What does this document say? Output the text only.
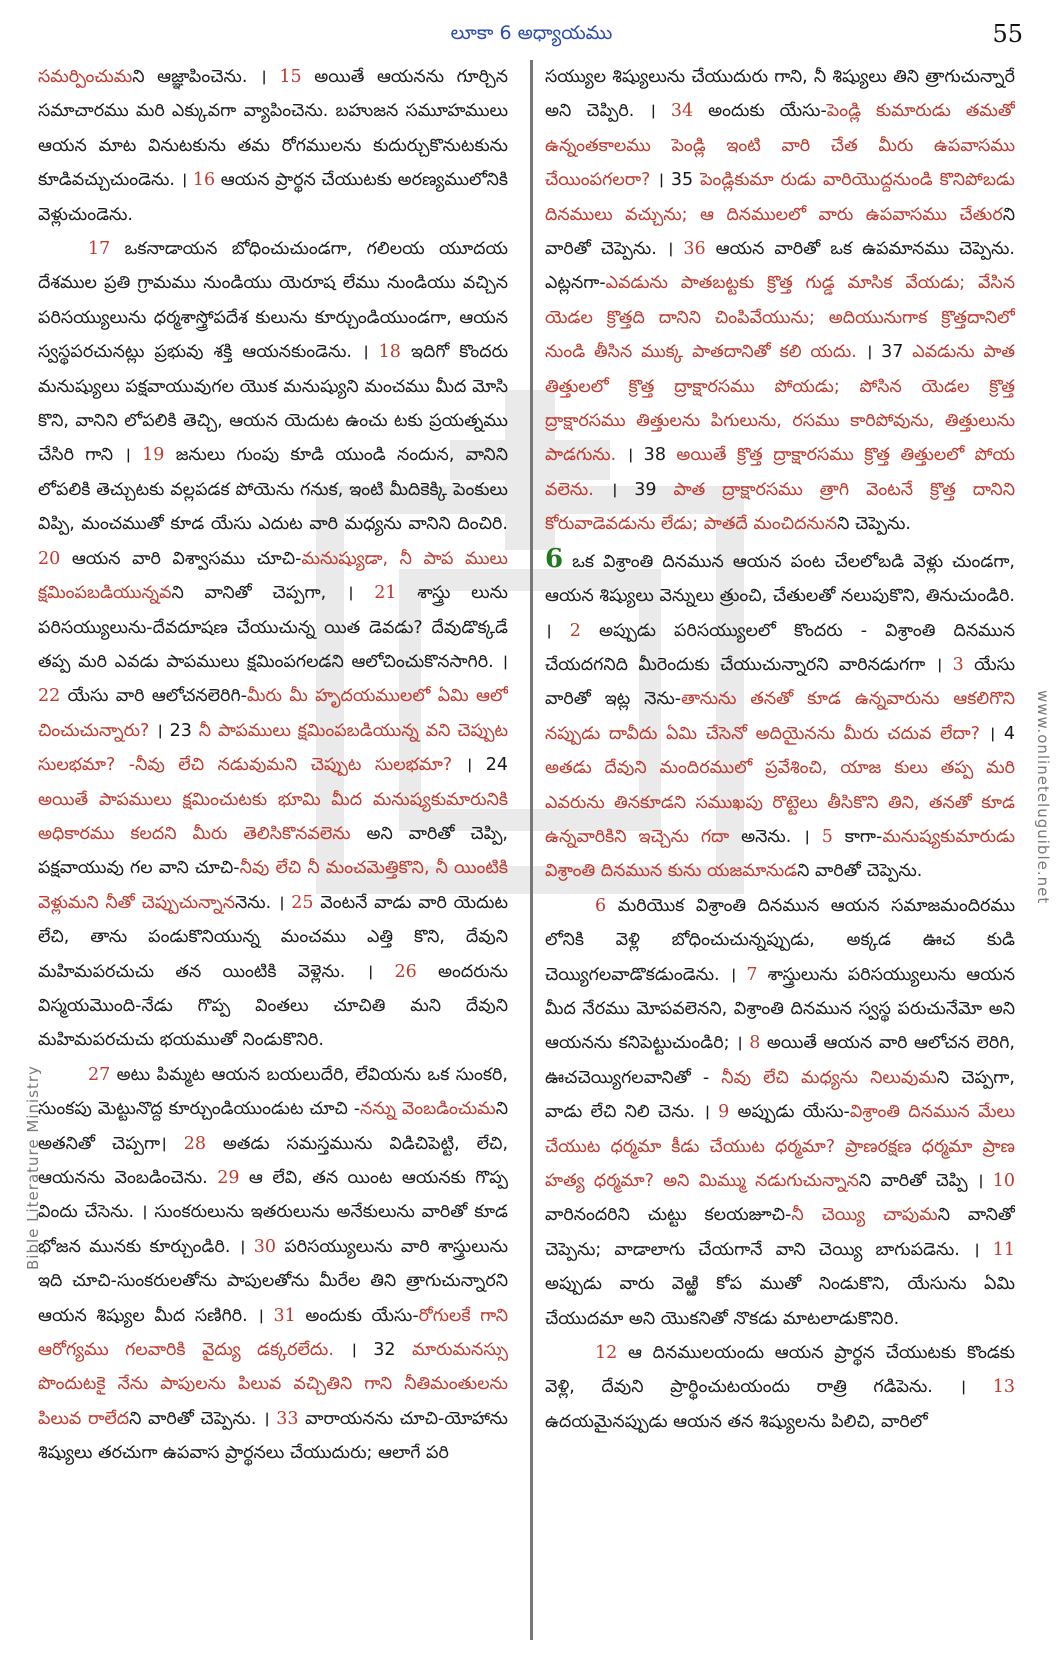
లూకా 6 అధ్యాయము	55
Bible Literature Ministry
www.onlineteluguible.net

సమర్పించుమని ఆజ్ఞాపించెను. । 15 అయితే ఆయనను గూర్చిన సమాచారము మరి ఎక్కువగా వ్యాపించెను. బహుజన సమూహములు ఆయన మాట వినుటకును తమ రోగములను కుదుర్చుకొనుటకును కూడివచ్చుచుండెను. । 16 ఆయన ప్రార్థన చేయుటకు అరణ్యములోనికి వెళ్లుచుండెను.

17 ఒకనాడాయన బోధించుచుండగా, గలిలయ యూదయ దేశముల ప్రతి గ్రామము నుండియు యెరూష లేము నుండియు వచ్చిన పరిసయ్యులును ధర్మశాస్త్రోపదేశ కులును కూర్చుండియుండగా, ఆయన స్వస్థపరచునట్లు ప్రభువు శక్తి ఆయనకుండెను. । 18 ఇదిగో కొందరు మనుష్యులు పక్షవాయువుగల యొక మనుష్యుని మంచము మీద మోసి కొని, వానిని లోపలికి తెచ్చి, ఆయన యెదుట ఉంచు టకు ప్రయత్నము చేసిరి గాని । 19 జనులు గుంపు కూడి యుండి నందున, వానిని లోపలికి తెచ్చుటకు వల్లపడక పోయెను గనుక, ఇంటి మీదికెక్కి పెంకులు విప్పి, మంచముతో కూడ యేసు ఎదుట వారి మధ్యను వానిని దించిరి. 20 ఆయన వారి విశ్వాసము చూచి-మనుష్యుడా, నీ పాప ములు క్షమింపబడియున్నవని వానితో చెప్పగా, । 21 శాస్త్రు లును పరిసయ్యులును-దేవదూషణ చేయుచున్న యిత డెవడు? దేవుడొక్కడే తప్ప మరి ఎవడు పాపములు క్షమింపగలడని ఆలోచించుకొనసాగిరి. । 22 యేసు వారి ఆలోచనలెరిగి-మీరు మీ హృదయములలో ఏమి ఆలో చించుచున్నారు? । 23 నీ పాపములు క్షమింపబడియున్న వని చెప్పుట సులభమా? -నీవు లేచి నడువుమని చెప్పుట సులభమా? । 24 అయితే పాపములు క్షమించుటకు భూమి మీద మనుష్యకుమారునికి అధికారము కలదని మీరు తెలిసికొనవలెను అని వారితో చెప్పి, పక్షవాయువు గల వాని చూచి-నీవు లేచి నీ మంచమెత్తికొని, నీ యింటికి వెళ్లుమని నీతో చెప్పుచున్నాననెను. । 25 వెంటనే వాడు వారి యెదుట లేచి, తాను పండుకొనియున్న మంచము ఎత్తి కొని, దేవుని మహిమపరచుచు తన యింటికి వెళ్లెను. । 26 అందరును విస్మయమొంది-నేడు గొప్ప వింతలు చూచితి మని దేవుని మహిమపరచుచు భయముతో నిండుకొనిరి.

27 అటు పిమ్మట ఆయన బయలుదేరి, లేవియను ఒక సుంకరి, సుంకపు మెట్టునొద్ద కూర్చుండియుండుట చూచి -నన్ను వెంబడించుమని అతనితో చెప్పగా। 28 అతడు సమస్తమును విడిచిపెట్టి, లేచి, ఆయనను వెంబడించెను. 29 ఆ లేవి, తన యింట ఆయనకు గొప్ప విందు చేసెను. । సుంకరులును ఇతరులును అనేకులును వారితో కూడ భోజన మునకు కూర్చుండిరి. । 30 పరిసయ్యులును వారి శాస్త్రులును ఇది చూచి-సుంకరులతోను పాపులతోను మీరేల తిని త్రాగుచున్నారని ఆయన శిష్యుల మీద సణిగిరి. । 31 అందుకు యేసు-రోగులకే గాని ఆరోగ్యము గలవారికి వైద్యు డక్కరలేదు. । 32 మారుమనస్సు పొందుటకై నేను పాపులను పిలువ వచ్చితిని గాని నీతిమంతులను పిలువ రాలేదని వారితో చెప్పెను. । 33 వారాయనను చూచి-యోహాను శిష్యులు తరచుగా ఉపవాస ప్రార్థనలు చేయుదురు; ఆలాగే పరి

సయ్యుల శిష్యులును చేయుదురు గాని, నీ శిష్యులు తిని త్రాగుచున్నారే అని చెప్పిరి. । 34 అందుకు యేసు-పెండ్లి కుమారుడు తమతో ఉన్నంతకాలము పెండ్లి ఇంటి వారి చేత మీరు ఉపవాసము చేయింపగలరా? । 35 పెండ్లికుమా రుడు వారియొద్దనుండి కొనిపోబడు దినములు వచ్చును; ఆ దినములలో వారు ఉపవాసము చేతురని వారితో చెప్పెను. । 36 ఆయన వారితో ఒక ఉపమానము చెప్పెను. ఎట్లనగా-ఎవడును పాతబట్టకు క్రొత్త గుడ్డ మాసిక వేయడు; వేసిన యెడల క్రొత్తది దానిని చింపివేయును; అదియునుగాక క్రొత్తదానిలో నుండి తీసిన ముక్క పాతదానితో కలి యదు. । 37 ఎవడును పాత తిత్తులలో క్రొత్త ద్రాక్షారసము పోయడు; పోసిన యెడల క్రొత్త ద్రాక్షారసము తిత్తులను పిగులును, రసము కారిపోవును, తిత్తులును పాడగును. । 38 అయితే క్రొత్త ద్రాక్షారసము క్రొత్త తిత్తులలో పోయ వలెను. । 39 పాత ద్రాక్షారసము త్రాగి వెంటనే క్రొత్త దానిని కోరువాడెవడును లేడు; పాతదే మంచిదనునని చెప్పెను.

6 ఒక విశ్రాంతి దినమున ఆయన పంట చేలలోబడి వెళ్లు చుండగా, ఆయన శిష్యులు వెన్నులు త్రుంచి, చేతులతో నలుపుకొని, తినుచుండిరి. । 2 అప్పుడు పరిసయ్యులలో కొందరు - విశ్రాంతి దినమున చేయదగనిది మీరెందుకు చేయుచున్నారని వారినడుగగా । 3 యేసు వారితో ఇట్ల నెను-తానును తనతో కూడ ఉన్నవారును ఆకలిగొని నప్పుడు దావీదు ఏమి చేసెనో అదియైనను మీరు చదువ లేదా? । 4 అతడు దేవుని మందిరములో ప్రవేశించి, యాజ కులు తప్ప మరి ఎవరును తినకూడని సముఖపు రొట్టెలు తీసికొని తిని, తనతో కూడ ఉన్నవారికిని ఇచ్చెను గదా అనెను. । 5 కాగా-మనుష్యకుమారుడు విశ్రాంతి దినమున కును యజమానుడని వారితో చెప్పెను.

6 మరియొక విశ్రాంతి దినమున ఆయన సమాజమందిరము లోనికి వెళ్లి బోధించుచున్నప్పుడు, అక్కడ ఊచ కుడి చెయ్యిగలవాడొకడుండెను. । 7 శాస్త్రులును పరిసయ్యులును ఆయన మీద నేరము మోపవలెనని, విశ్రాంతి దినమున స్వస్థ పరుచునేమో అని ఆయనను కనిపెట్టుచుండిరి; । 8 అయితే ఆయన వారి ఆలోచన లెరిగి, ఊచచెయ్యిగలవానితో - నీవు లేచి మధ్యను నిలువుమని చెప్పగా, వాడు లేచి నిలి చెను. । 9 అప్పుడు యేసు-విశ్రాంతి దినమున మేలు చేయుట ధర్మమా కీడు చేయుట ధర్మమా? ప్రాణరక్షణ ధర్మమా ప్రాణ హత్య ధర్మమా? అని మిమ్ము నడుగుచున్నానని వారితో చెప్పి । 10 వారినందరిని చుట్టు కలయజూచి-నీ చెయ్యి చాపుమని వానితో చెప్పెను; వాడాలాగు చేయగానే వాని చెయ్యి బాగుపడెను. । 11 అప్పుడు వారు వెఱ్ఱి కోప ముతో నిండుకొని, యేసును ఏమి చేయుదమా అని యొకనితో నొకడు మాటలాడుకొనిరి.

12 ఆ దినములయందు ఆయన ప్రార్థన చేయుటకు కొండకు వెళ్లి, దేవుని ప్రార్థించుటయందు రాత్రి గడిపెను. । 13 ఉదయమైనప్పుడు ఆయన తన శిష్యులను పిలిచి, వారిలో
